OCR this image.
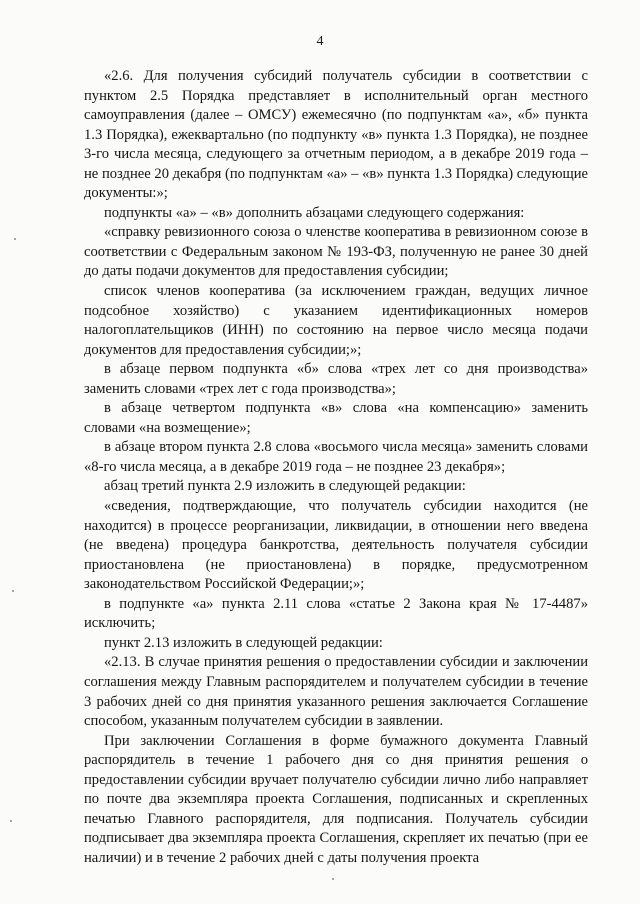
4

«2.6. Для получения субсидий получатель субсидии в соответствии с пунктом 2.5 Порядка представляет в исполнительный орган местного самоуправления (далее – ОМСУ) ежемесячно (по подпунктам «а», «б» пункта 1.3 Порядка), ежеквартально (по подпункту «в» пункта 1.3 Порядка), не позднее 3-го числа месяца, следующего за отчетным периодом, а в декабре 2019 года – не позднее 20 декабря (по подпунктам «а» – «в» пункта 1.3 Порядка) следующие документы:»;

подпункты «а» – «в» дополнить абзацами следующего содержания:

«справку ревизионного союза о членстве кооператива в ревизионном союзе в соответствии с Федеральным законом № 193-ФЗ, полученную не ранее 30 дней до даты подачи документов для предоставления субсидии;

список членов кооператива (за исключением граждан, ведущих личное подсобное хозяйство) с указанием идентификационных номеров налогоплательщиков (ИНН) по состоянию на первое число месяца подачи документов для предоставления субсидии;»;

в абзаце первом подпункта «б» слова «трех лет со дня производства» заменить словами «трех лет с года производства»;

в абзаце четвертом подпункта «в» слова «на компенсацию» заменить словами «на возмещение»;

в абзаце втором пункта 2.8 слова «восьмого числа месяца» заменить словами «8-го числа месяца, а в декабре 2019 года – не позднее 23 декабря»;

абзац третий пункта 2.9 изложить в следующей редакции:

«сведения, подтверждающие, что получатель субсидии находится (не находится) в процессе реорганизации, ликвидации, в отношении него введена (не введена) процедура банкротства, деятельность получателя субсидии приостановлена (не приостановлена) в порядке, предусмотренном законодательством Российской Федерации;»;

в подпункте «а» пункта 2.11 слова «статье 2 Закона края № 17-4487» исключить;

пункт 2.13 изложить в следующей редакции:

«2.13. В случае принятия решения о предоставлении субсидии и заключении соглашения между Главным распорядителем и получателем субсидии в течение 3 рабочих дней со дня принятия указанного решения заключается Соглашение способом, указанным получателем субсидии в заявлении.

При заключении Соглашения в форме бумажного документа Главный распорядитель в течение 1 рабочего дня со дня принятия решения о предоставлении субсидии вручает получателю субсидии лично либо направляет по почте два экземпляра проекта Соглашения, подписанных и скрепленных печатью Главного распорядителя, для подписания. Получатель субсидии подписывает два экземпляра проекта Соглашения, скрепляет их печатью (при ее наличии) и в течение 2 рабочих дней с даты получения проекта
